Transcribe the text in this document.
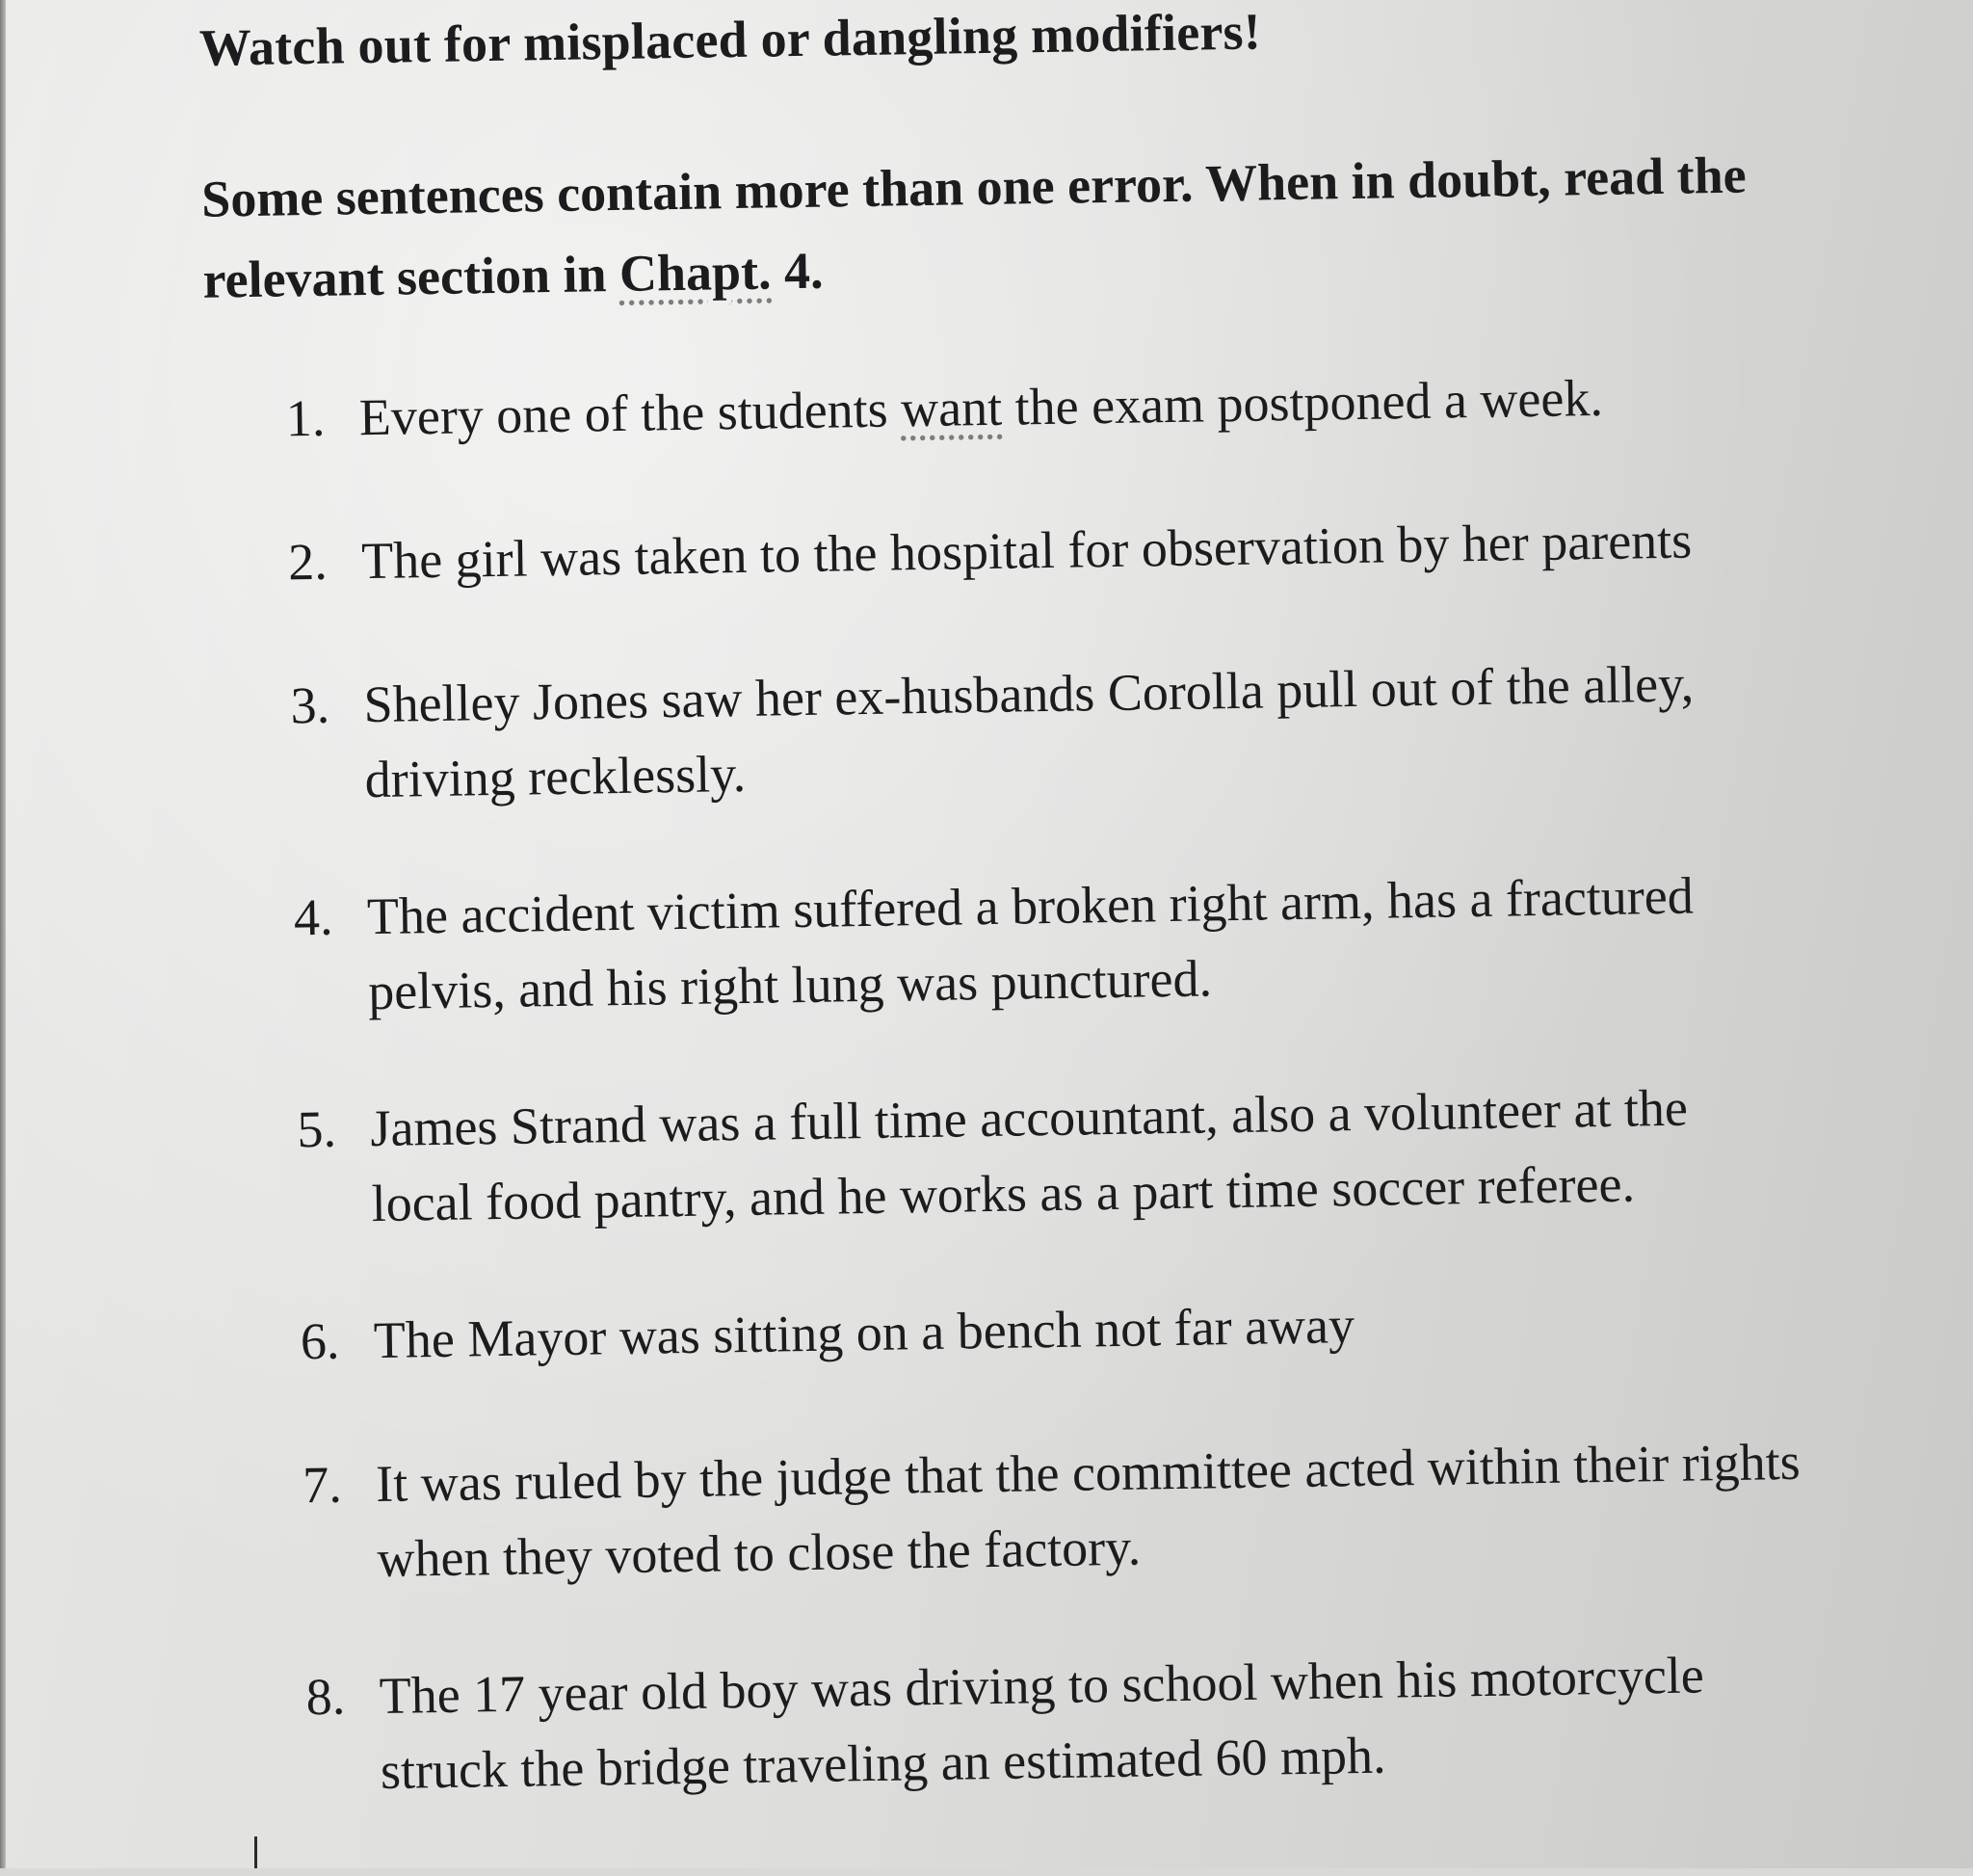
Watch out for misplaced or dangling modifiers!
Some sentences contain more than one error. When in doubt, read the relevant section in Chapt. 4.
1. Every one of the students want the exam postponed a week.
2. The girl was taken to the hospital for observation by her parents
3. Shelley Jones saw her ex-husbands Corolla pull out of the alley, driving recklessly.
4. The accident victim suffered a broken right arm, has a fractured pelvis, and his right lung was punctured.
5. James Strand was a full time accountant, also a volunteer at the local food pantry, and he works as a part time soccer referee.
6. The Mayor was sitting on a bench not far away
7. It was ruled by the judge that the committee acted within their rights when they voted to close the factory.
8. The 17 year old boy was driving to school when his motorcycle struck the bridge traveling an estimated 60 mph.
